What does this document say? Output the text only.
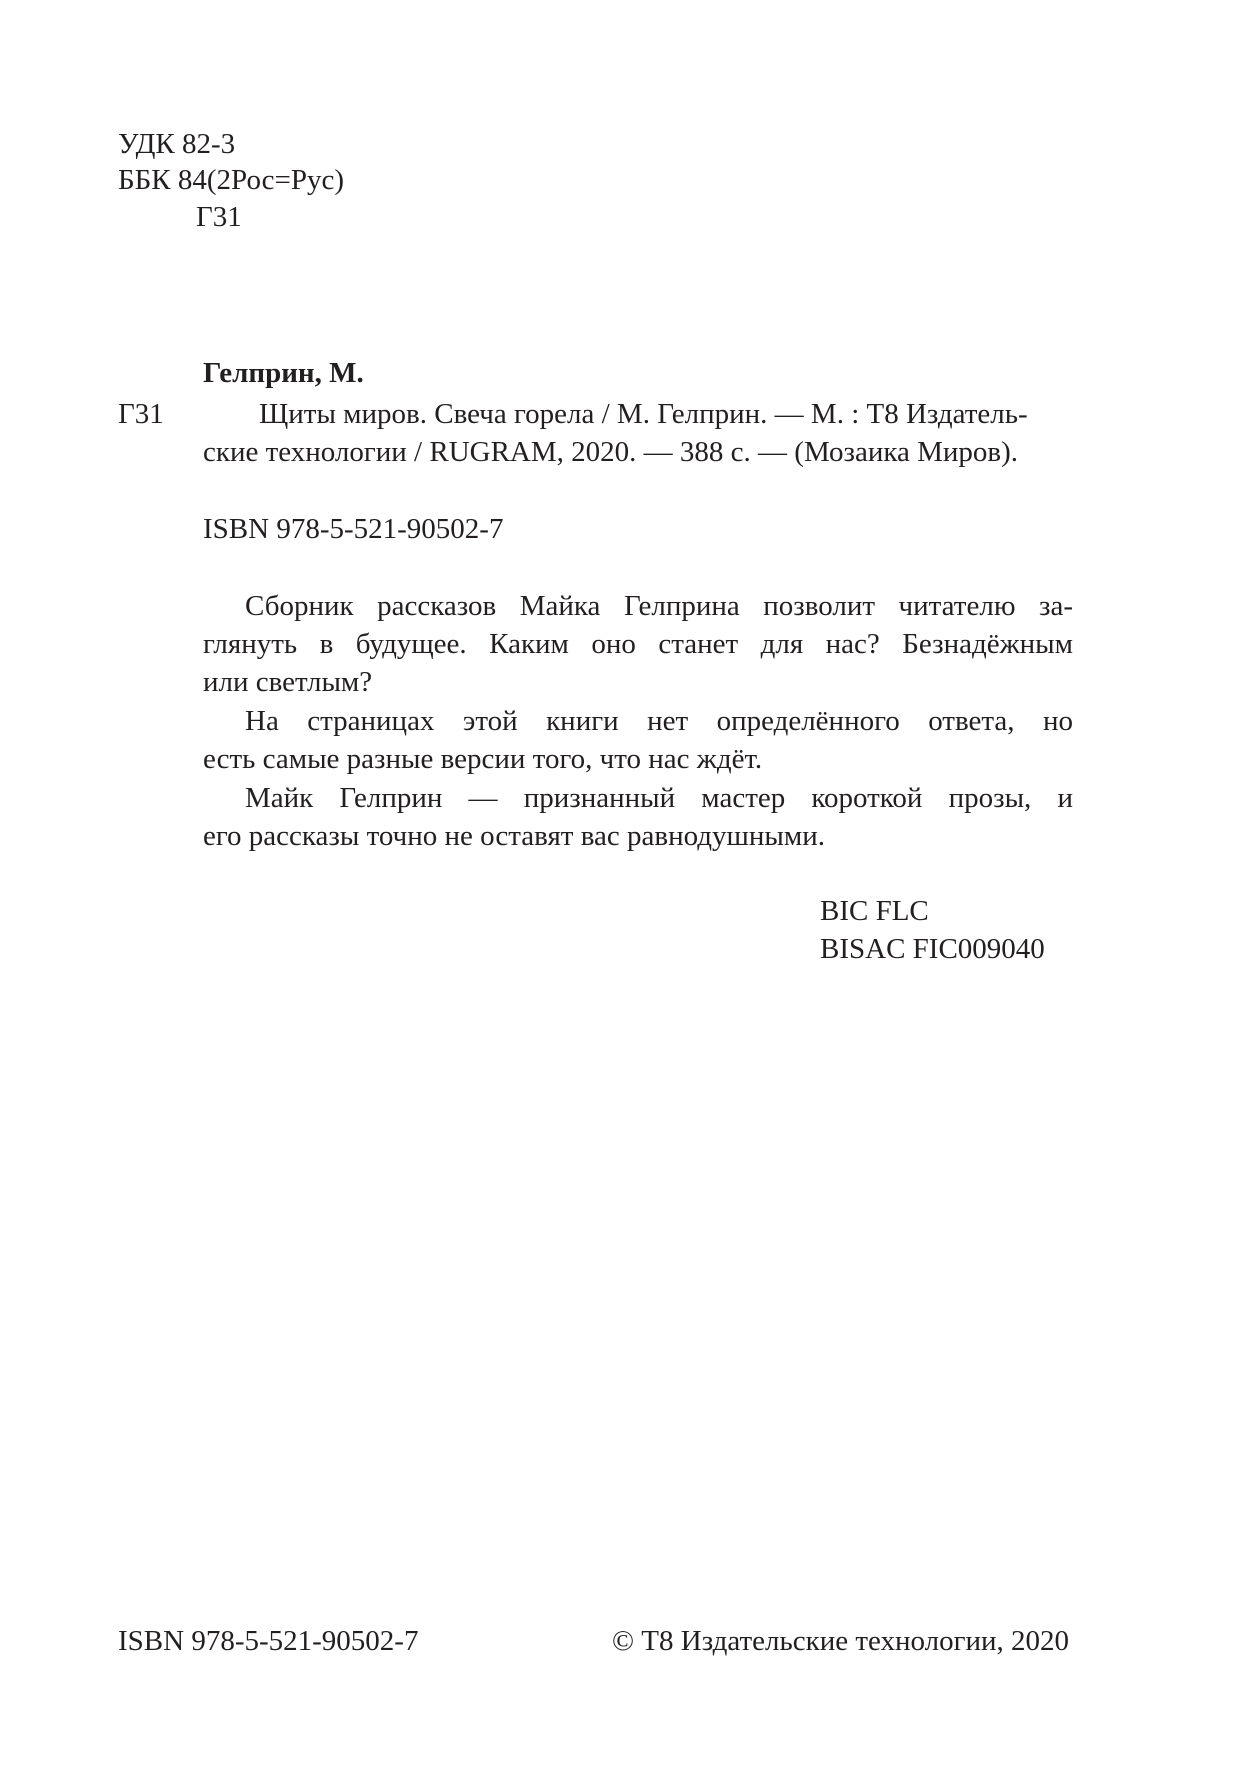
УДК 82-3
ББК 84(2Рос=Рус)
Г31
Гелприн, М.
Г31	Щиты миров. Свеча горела / М. Гелприн. — М. : Т8 Издатель-
ские технологии / RUGRAM, 2020. — 388 с. — (Мозаика Миров).
ISBN 978-5-521-90502-7
Сборник рассказов Майка Гелприна позволит читателю за-
глянуть в будущее. Каким оно станет для нас? Безнадёжным
или светлым?
На страницах этой книги нет определённого ответа, но
есть самые разные версии того, что нас ждёт.
Майк Гелприн — признанный мастер короткой прозы, и
его рассказы точно не оставят вас равнодушными.
BIC FLC
BISAC FIC009040
ISBN 978-5-521-90502-7	© Т8 Издательские технологии, 2020
